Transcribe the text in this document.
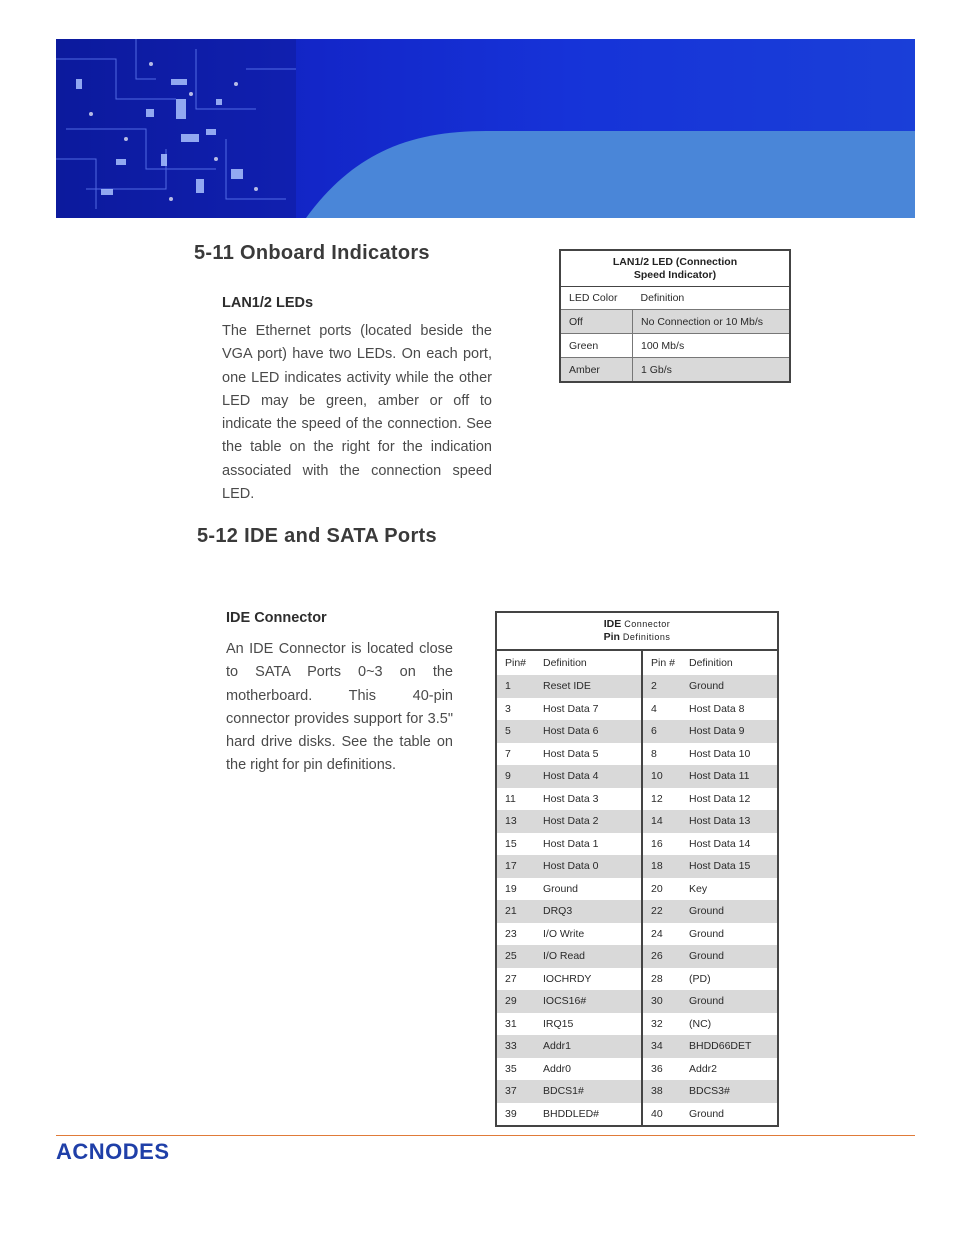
5-11 Onboard Indicators
LAN1/2 LEDs

The Ethernet ports (located beside the VGA port) have two LEDs. On each port, one LED indicates activity while the other LED may be green, amber or off to indicate the speed of the connection. See the table on the right for the indication associated with the connection speed LED.

LAN1/2 LED (Connection
Speed Indicator)
LED Color	Definition
Off	No Connection or 10 Mb/s
Green	100 Mb/s
Amber	1 Gb/s
5-12 IDE and SATA Ports
IDE Connector

An IDE Connector is located close to SATA Ports 0~3 on the motherboard. This 40-pin connector provides support for 3.5" hard drive disks. See the table on the right for pin definitions.

IDE Connector
Pin Definitions
Pin#	Definition	Pin #	Definition
1	Reset IDE	2	Ground
3	Host Data 7	4	Host Data 8
5	Host Data 6	6	Host Data 9
7	Host Data 5	8	Host Data 10
9	Host Data 4	10	Host Data 11
11	Host Data 3	12	Host Data 12
13	Host Data 2	14	Host Data 13
15	Host Data 1	16	Host Data 14
17	Host Data 0	18	Host Data 15
19	Ground	20	Key
21	DRQ3	22	Ground
23	I/O Write	24	Ground
25	I/O Read	26	Ground
27	IOCHRDY	28	(PD)
29	IOCS16#	30	Ground
31	IRQ15	32	(NC)
33	Addr1	34	BHDD66DET
35	Addr0	36	Addr2
37	BDCS1#	38	BDCS3#
39	BHDDLED#	40	Ground
ACNODES
